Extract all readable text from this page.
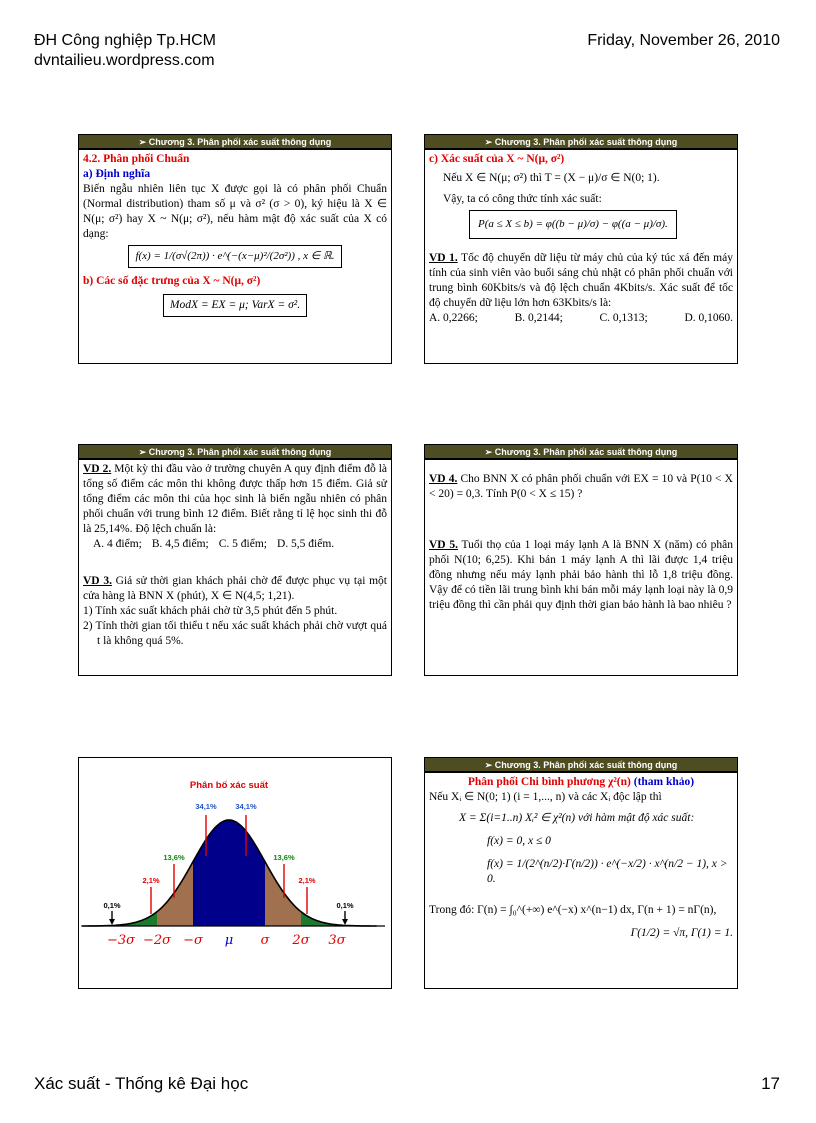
ĐH Công nghiệp Tp.HCM
dvntailieu.wordpress.com
Friday, November 26, 2010
➢ Chương 3. Phân phối xác suất thông dụng
4.2. Phân phối Chuẩn
a) Định nghĩa
Biến ngẫu nhiên liên tục X được gọi là có phân phối Chuẩn (Normal distribution) tham số μ và σ² (σ > 0), ký hiệu là X ∈ N(μ; σ²) hay X ~ N(μ; σ²), nếu hàm mật độ xác suất của X có dạng:
f(x) = 1/(σ√(2π)) · e^(−(x−μ)²/(2σ²)) , x ∈ ℝ.
b) Các số đặc trưng của X ~ N(μ, σ²)
ModX = EX = μ; VarX = σ².
➢ Chương 3. Phân phối xác suất thông dụng
c) Xác suất của X ~ N(μ, σ²)
Nếu X ∈ N(μ; σ²) thì T = (X − μ)/σ ∈ N(0; 1).
Vậy, ta có công thức tính xác suất:
P(a ≤ X ≤ b) = φ((b − μ)/σ) − φ((a − μ)/σ).
VD 1. Tốc độ chuyển dữ liệu từ máy chủ của ký túc xá đến máy tính của sinh viên vào buổi sáng chủ nhật có phân phối chuẩn với trung bình 60Kbits/s và độ lệch chuẩn 4Kbits/s. Xác suất để tốc độ chuyển dữ liệu lớn hơn 63Kbits/s là:
A. 0,2266;	B. 0,2144;	C. 0,1313;	D. 0,1060.
➢ Chương 3. Phân phối xác suất thông dụng
VD 2. Một kỳ thi đầu vào ở trường chuyên A quy định điểm đỗ là tổng số điểm các môn thi không được thấp hơn 15 điểm. Giả sử tổng điểm các môn thi của học sinh là biến ngẫu nhiên có phân phối chuẩn với trung bình 12 điểm. Biết rằng tỉ lệ học sinh thi đỗ là 25,14%. Độ lệch chuẩn là:
A. 4 điểm; B. 4,5 điểm; C. 5 điểm; D. 5,5 điểm.
VD 3. Giả sử thời gian khách phải chờ để được phục vụ tại một cửa hàng là BNN X (phút), X ∈ N(4,5; 1,21).
1) Tính xác suất khách phải chờ từ 3,5 phút đến 5 phút.
2) Tính thời gian tối thiểu t nếu xác suất khách phải chờ vượt quá t là không quá 5%.
➢ Chương 3. Phân phối xác suất thông dụng
VD 4. Cho BNN X có phân phối chuẩn với EX = 10 và P(10 < X < 20) = 0,3. Tính P(0 < X ≤ 15) ?
VD 5. Tuổi thọ của 1 loại máy lạnh A là BNN X (năm) có phân phối N(10; 6,25). Khi bán 1 máy lạnh A thì lãi được 1,4 triệu đồng nhưng nếu máy lạnh phải bảo hành thì lỗ 1,8 triệu đồng. Vậy để có tiền lãi trung bình khi bán mỗi máy lạnh loại này là 0,9 triệu đồng thì cần phải quy định thời gian bảo hành là bao nhiêu ?
Phân bố xác suất
34,1% 34,1%
13,6%	13,6%
2,1%	2,1%
0,1%	0,1%
−3σ −2σ −σ μ σ 2σ 3σ
➢ Chương 3. Phân phối xác suất thông dụng
Phân phối Chi bình phương χ²(n) (tham khảo)
Nếu Xᵢ ∈ N(0; 1) (i = 1,..., n) và các Xᵢ độc lập thì
X = Σ(i=1..n) Xᵢ² ∈ χ²(n) với hàm mật độ xác suất:
f(x) = 0, x ≤ 0
f(x) = 1/(2^(n/2)·Γ(n/2)) · e^(−x/2) · x^(n/2 − 1), x > 0.
Trong đó: Γ(n) = ∫₀^(+∞) e^(−x) x^(n−1) dx, Γ(n + 1) = nΓ(n),
Γ(1/2) = √π, Γ(1) = 1.
Xác suất - Thống kê Đại học	17
